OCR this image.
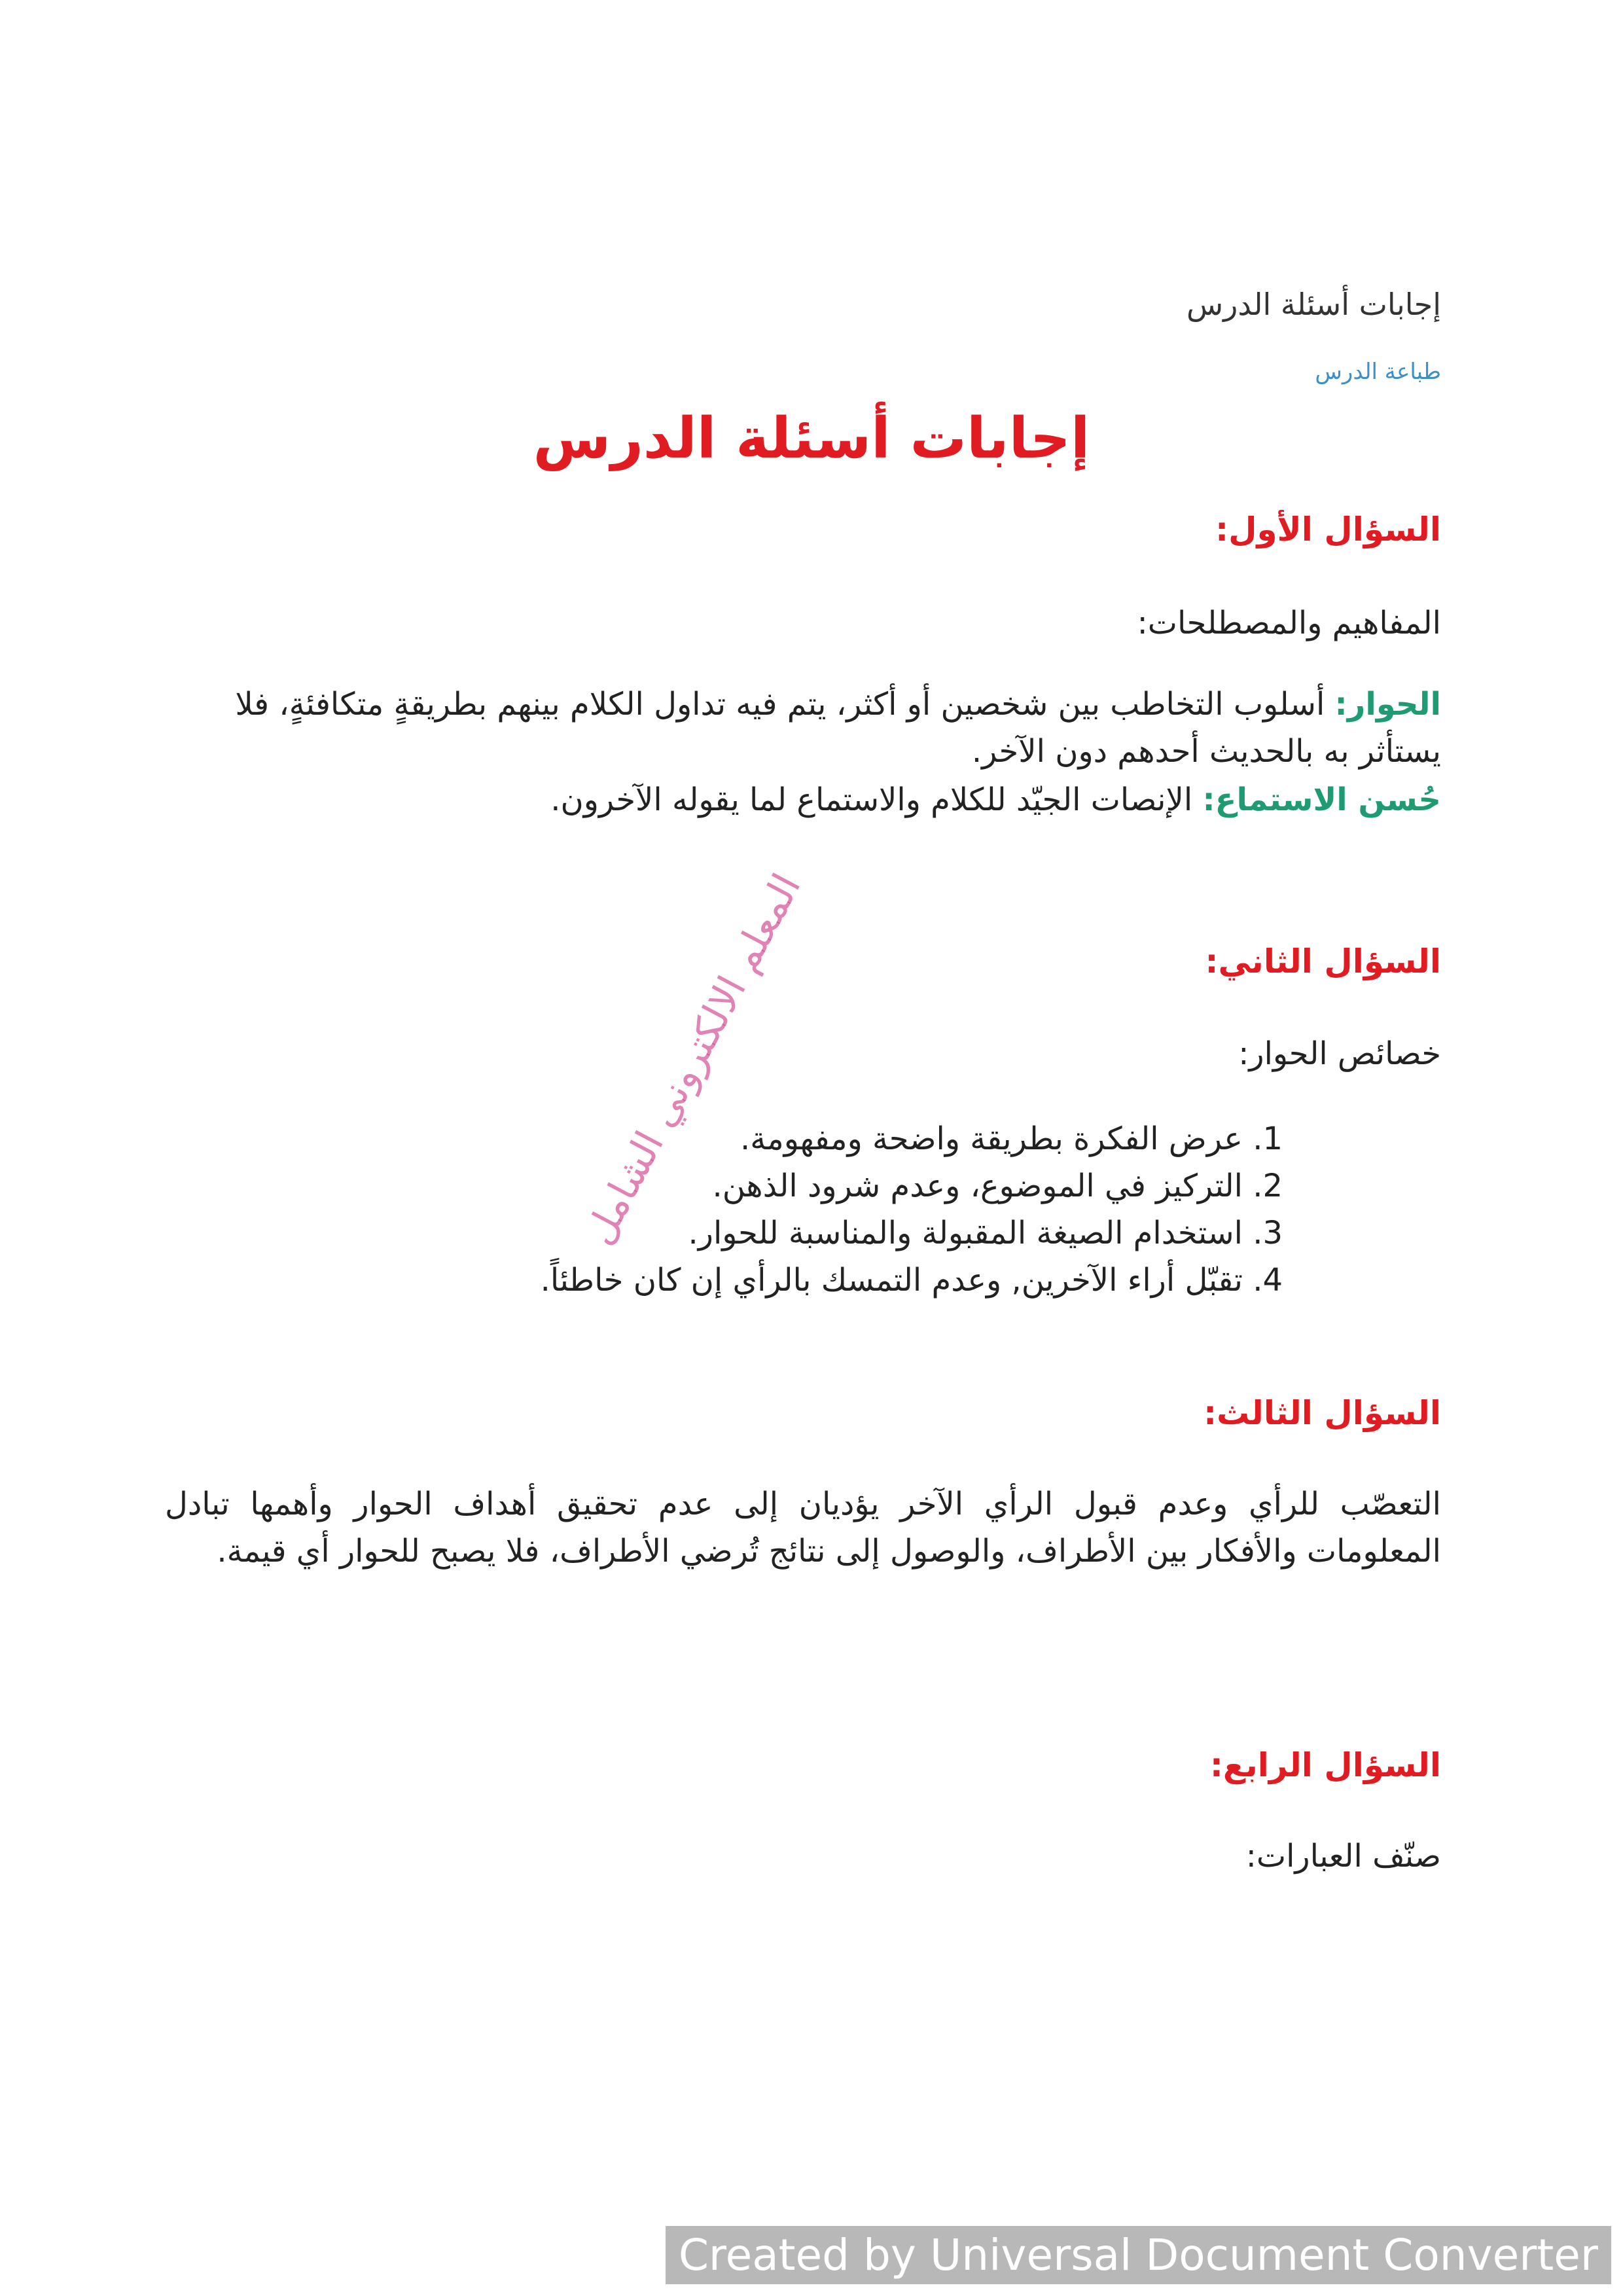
إجابات أسئلة الدرس
طباعة الدرس
إجابات أسئلة الدرس
السؤال الأول:
المفاهيم والمصطلحات:
الحوار: أسلوب التخاطب بين شخصين أو أكثر، يتم فيه تداول الكلام بينهم بطريقةٍ متكافئةٍ، فلا يستأثر به بالحديث أحدهم دون الآخر.
حُسن الاستماع: الإنصات الجيّد للكلام والاستماع لما يقوله الآخرون.
السؤال الثاني:
خصائص الحوار:
1. عرض الفكرة بطريقة واضحة ومفهومة.
2. التركيز في الموضوع، وعدم شرود الذهن.
3. استخدام الصيغة المقبولة والمناسبة للحوار.
4. تقبّل أراء الآخرين, وعدم التمسك بالرأي إن كان خاطئاً.
السؤال الثالث:
التعصّب للرأي وعدم قبول الرأي الآخر يؤديان إلى عدم تحقيق أهداف الحوار وأهمها تبادل المعلومات والأفكار بين الأطراف، والوصول إلى نتائج تُرضي الأطراف، فلا يصبح للحوار أي قيمة.
السؤال الرابع:
صنّف العبارات:
المعلم الالكتروني الشامل
Created by Universal Document Converter
